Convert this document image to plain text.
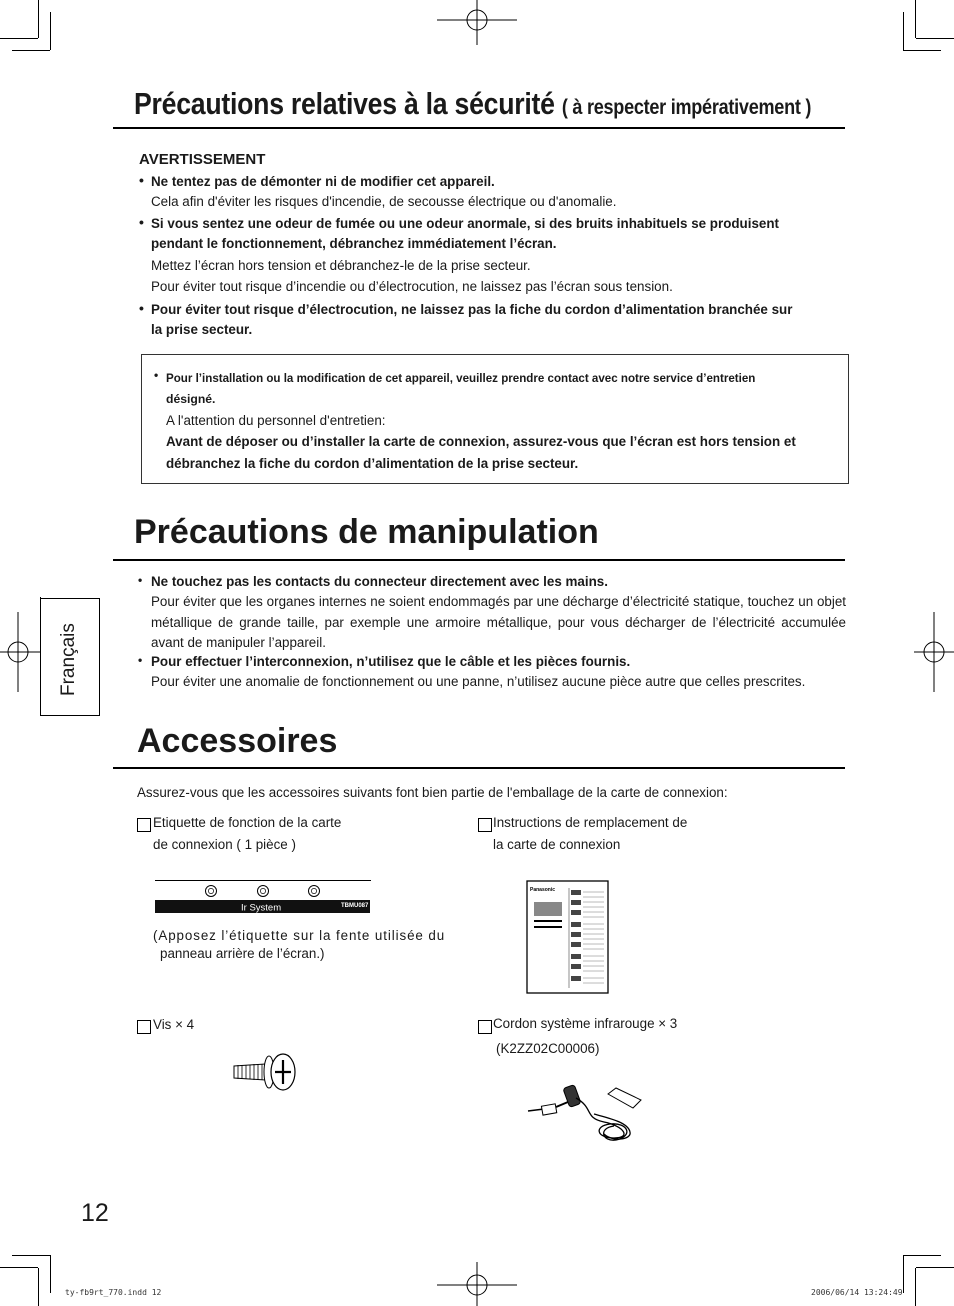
Précautions relatives à la sécurité ( à respecter impérativement )
AVERTISSEMENT
• Ne tentez pas de démonter ni de modifier cet appareil.
Cela afin d'éviter les risques d'incendie, de secousse électrique ou d'anomalie.
• Si vous sentez une odeur de fumée ou une odeur anormale, si des bruits inhabituels se produisent
pendant le fonctionnement, débranchez immédiatement l’écran.
Mettez l’écran hors tension et débranchez-le de la prise secteur.
Pour éviter tout risque d’incendie ou d’électrocution, ne laissez pas l’écran sous tension.
• Pour éviter tout risque d’électrocution, ne laissez pas la fiche du cordon d’alimentation branchée sur
la prise secteur.
• Pour l’installation ou la modification de cet appareil, veuillez prendre contact avec notre service d’entretien
désigné.
A l'attention du personnel d'entretien:
Avant de déposer ou d’installer la carte de connexion, assurez-vous que l’écran est hors tension et
débranchez la fiche du cordon d’alimentation de la prise secteur.
Précautions de manipulation
• Ne touchez pas les contacts du connecteur directement avec les mains.
Pour éviter que les organes internes ne soient endommagés par une décharge d’électricité statique, touchez un objet métallique de grande taille, par exemple une armoire métallique, pour vous décharger de l’électricité accumulée avant de manipuler l’appareil.
• Pour effectuer l’interconnexion, n’utilisez que le câble et les pièces fournis.
Pour éviter une anomalie de fonctionnement ou une panne, n’utilisez aucune pièce autre que celles prescrites.
Français
Accessoires
Assurez-vous que les accessoires suivants font bien partie de l'emballage de la carte de connexion:
Etiquette de fonction de la carte
de connexion ( 1 pièce )
Ir System	TBMU087
(Apposez l’étiquette sur la fente utilisée du
panneau arrière de l’écran.)
Instructions de remplacement de
la carte de connexion
Panasonic
Vis × 4	Cordon système infrarouge × 3
(K2ZZ02C00006)
12
ty-fb9rt_770.indd 12	2006/06/14 13:24:49
